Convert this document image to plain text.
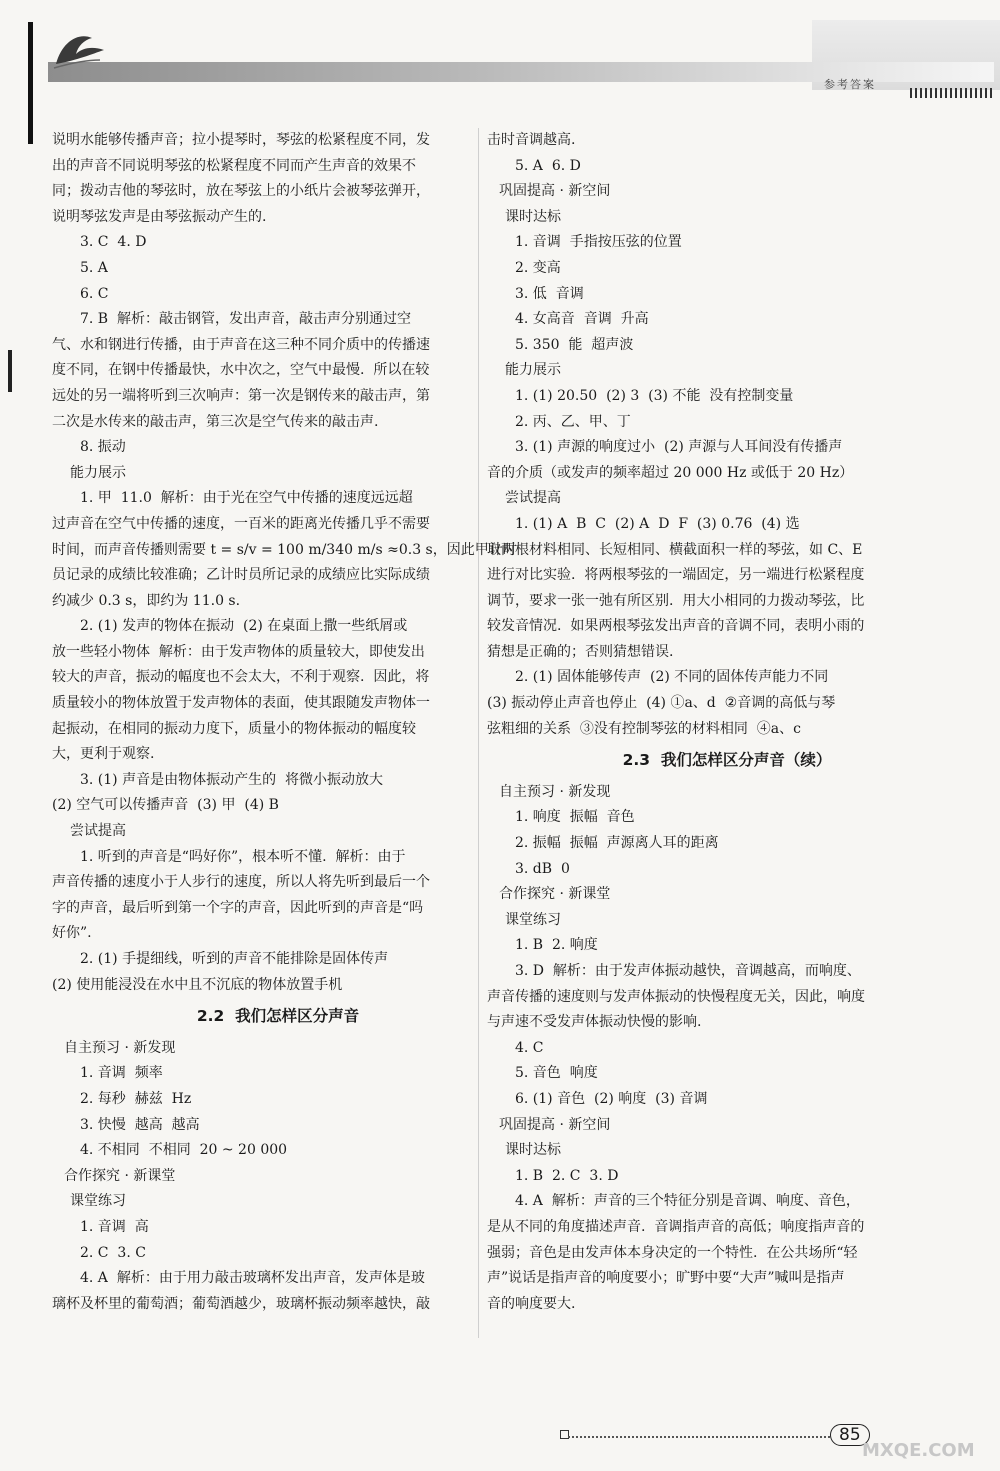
参考答案

说明水能够传播声音；拉小提琴时，琴弦的松紧程度不同，发

出的声音不同说明琴弦的松紧程度不同而产生声音的效果不

同；拨动吉他的琴弦时，放在琴弦上的小纸片会被琴弦弹开，

说明琴弦发声是由琴弦振动产生的.

3. C  4. D

5. A

6. C

7. B  解析：敲击钢管，发出声音，敲击声分别通过空

气、水和钢进行传播，由于声音在这三种不同介质中的传播速

度不同，在钢中传播最快，水中次之，空气中最慢.  所以在较

远处的另一端将听到三次响声：第一次是钢传来的敲击声，第

二次是水传来的敲击声，第三次是空气传来的敲击声.

8. 振动

能力展示

1. 甲  11.0  解析：由于光在空气中传播的速度远远超

过声音在空气中传播的速度，一百米的距离光传播几乎不需要

时间，而声音传播则需要 t = s/v = 100 m/340 m/s ≈0.3 s，因此甲计时

员记录的成绩比较准确；乙计时员所记录的成绩应比实际成绩

约减少 0.3 s，即约为 11.0 s.

2. (1) 发声的物体在振动  (2) 在桌面上撒一些纸屑或

放一些轻小物体  解析：由于发声物体的质量较大，即使发出

较大的声音，振动的幅度也不会太大，不利于观察.  因此，将

质量较小的物体放置于发声物体的表面，使其跟随发声物体一

起振动，在相同的振动力度下，质量小的物体振动的幅度较

大，更利于观察.

3. (1) 声音是由物体振动产生的  将微小振动放大

(2) 空气可以传播声音  (3) 甲  (4) B

尝试提高

1. 听到的声音是“吗好你”，根本听不懂.  解析：由于

声音传播的速度小于人步行的速度，所以人将先听到最后一个

字的声音，最后听到第一个字的声音，因此听到的声音是“吗

好你”.

2. (1) 手提细线，听到的声音不能排除是固体传声

(2) 使用能浸没在水中且不沉底的物体放置手机

2.2  我们怎样区分声音

自主预习 · 新发现

1. 音调  频率

2. 每秒  赫兹  Hz

3. 快慢  越高  越高

4. 不相同  不相同  20 ~ 20 000

合作探究 · 新课堂

课堂练习

1. 音调  高

2. C  3. C

4. A  解析：由于用力敲击玻璃杯发出声音，发声体是玻

璃杯及杯里的葡萄酒；葡萄酒越少，玻璃杯振动频率越快，敲

击时音调越高.

5. A  6. D

巩固提高 · 新空间

课时达标

1. 音调  手指按压弦的位置

2. 变高

3. 低  音调

4. 女高音  音调  升高

5. 350  能  超声波

能力展示

1. (1) 20.50  (2) 3  (3) 不能  没有控制变量

2. 丙、乙、甲、丁

3. (1) 声源的响度过小  (2) 声源与人耳间没有传播声

音的介质（或发声的频率超过 20 000 Hz 或低于 20 Hz）

尝试提高

1. (1) A  B  C  (2) A  D  F  (3) 0.76  (4) 选

取两根材料相同、长短相同、横截面积一样的琴弦，如 C、E

进行对比实验.  将两根琴弦的一端固定，另一端进行松紧程度

调节，要求一张一弛有所区别.  用大小相同的力拨动琴弦，比

较发音情况.  如果两根琴弦发出声音的音调不同，表明小雨的

猜想是正确的；否则猜想错误.

2. (1) 固体能够传声  (2) 不同的固体传声能力不同

(3) 振动停止声音也停止  (4) ①a、d  ②音调的高低与琴

弦粗细的关系  ③没有控制琴弦的材料相同  ④a、c

2.3  我们怎样区分声音（续）

自主预习 · 新发现

1. 响度  振幅  音色

2. 振幅  振幅  声源离人耳的距离

3. dB  0

合作探究 · 新课堂

课堂练习

1. B  2. 响度

3. D  解析：由于发声体振动越快，音调越高，而响度、

声音传播的速度则与发声体振动的快慢程度无关，因此，响度

与声速不受发声体振动快慢的影响.

4. C

5. 音色  响度

6. (1) 音色  (2) 响度  (3) 音调

巩固提高 · 新空间

课时达标

1. B  2. C  3. D

4. A  解析：声音的三个特征分别是音调、响度、音色，

是从不同的角度描述声音.  音调指声音的高低；响度指声音的

强弱；音色是由发声体本身决定的一个特性.  在公共场所“轻

声”说话是指声音的响度要小；旷野中要“大声”喊叫是指声

音的响度要大.

85
MXQE.COM
